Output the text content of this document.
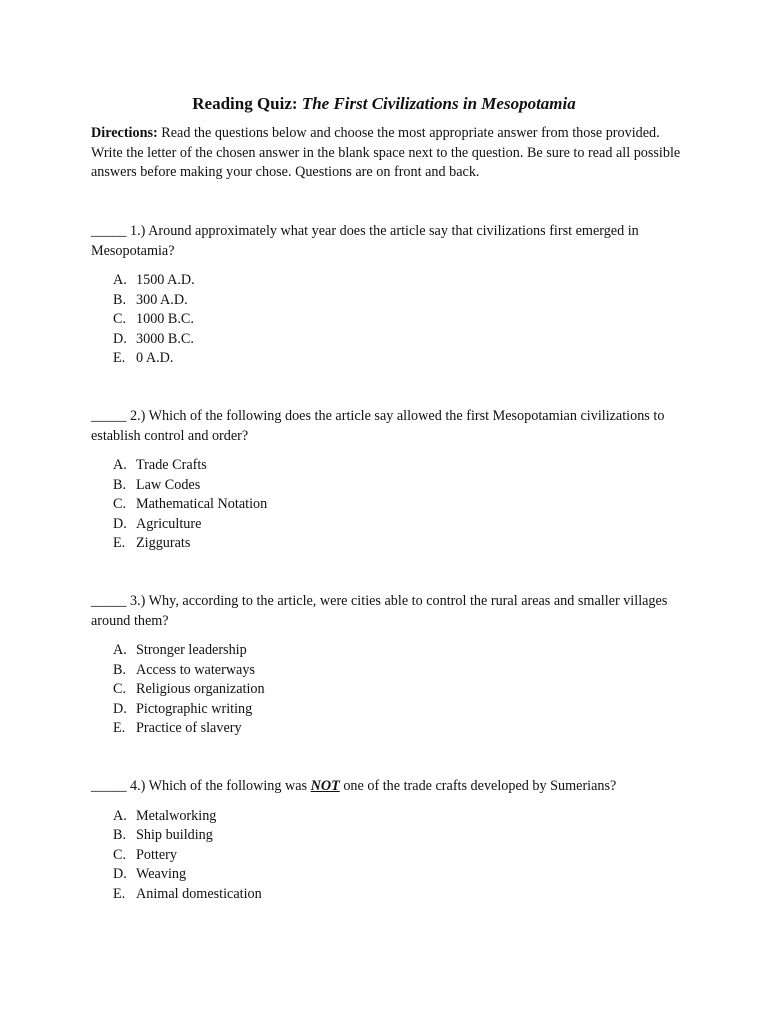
Reading Quiz: The First Civilizations in Mesopotamia
Directions: Read the questions below and choose the most appropriate answer from those provided. Write the letter of the chosen answer in the blank space next to the question. Be sure to read all possible answers before making your chose. Questions are on front and back.

_____ 1.) Around approximately what year does the article say that civilizations first emerged in Mesopotamia?

A. 1500 A.D.
B. 300 A.D.
C. 1000 B.C.
D. 3000 B.C.
E. 0 A.D.

_____ 2.) Which of the following does the article say allowed the first Mesopotamian civilizations to establish control and order?

A. Trade Crafts
B. Law Codes
C. Mathematical Notation
D. Agriculture
E. Ziggurats

_____ 3.) Why, according to the article, were cities able to control the rural areas and smaller villages around them?

A. Stronger leadership
B. Access to waterways
C. Religious organization
D. Pictographic writing
E. Practice of slavery

_____ 4.) Which of the following was NOT one of the trade crafts developed by Sumerians?

A. Metalworking
B. Ship building
C. Pottery
D. Weaving
E. Animal domestication
